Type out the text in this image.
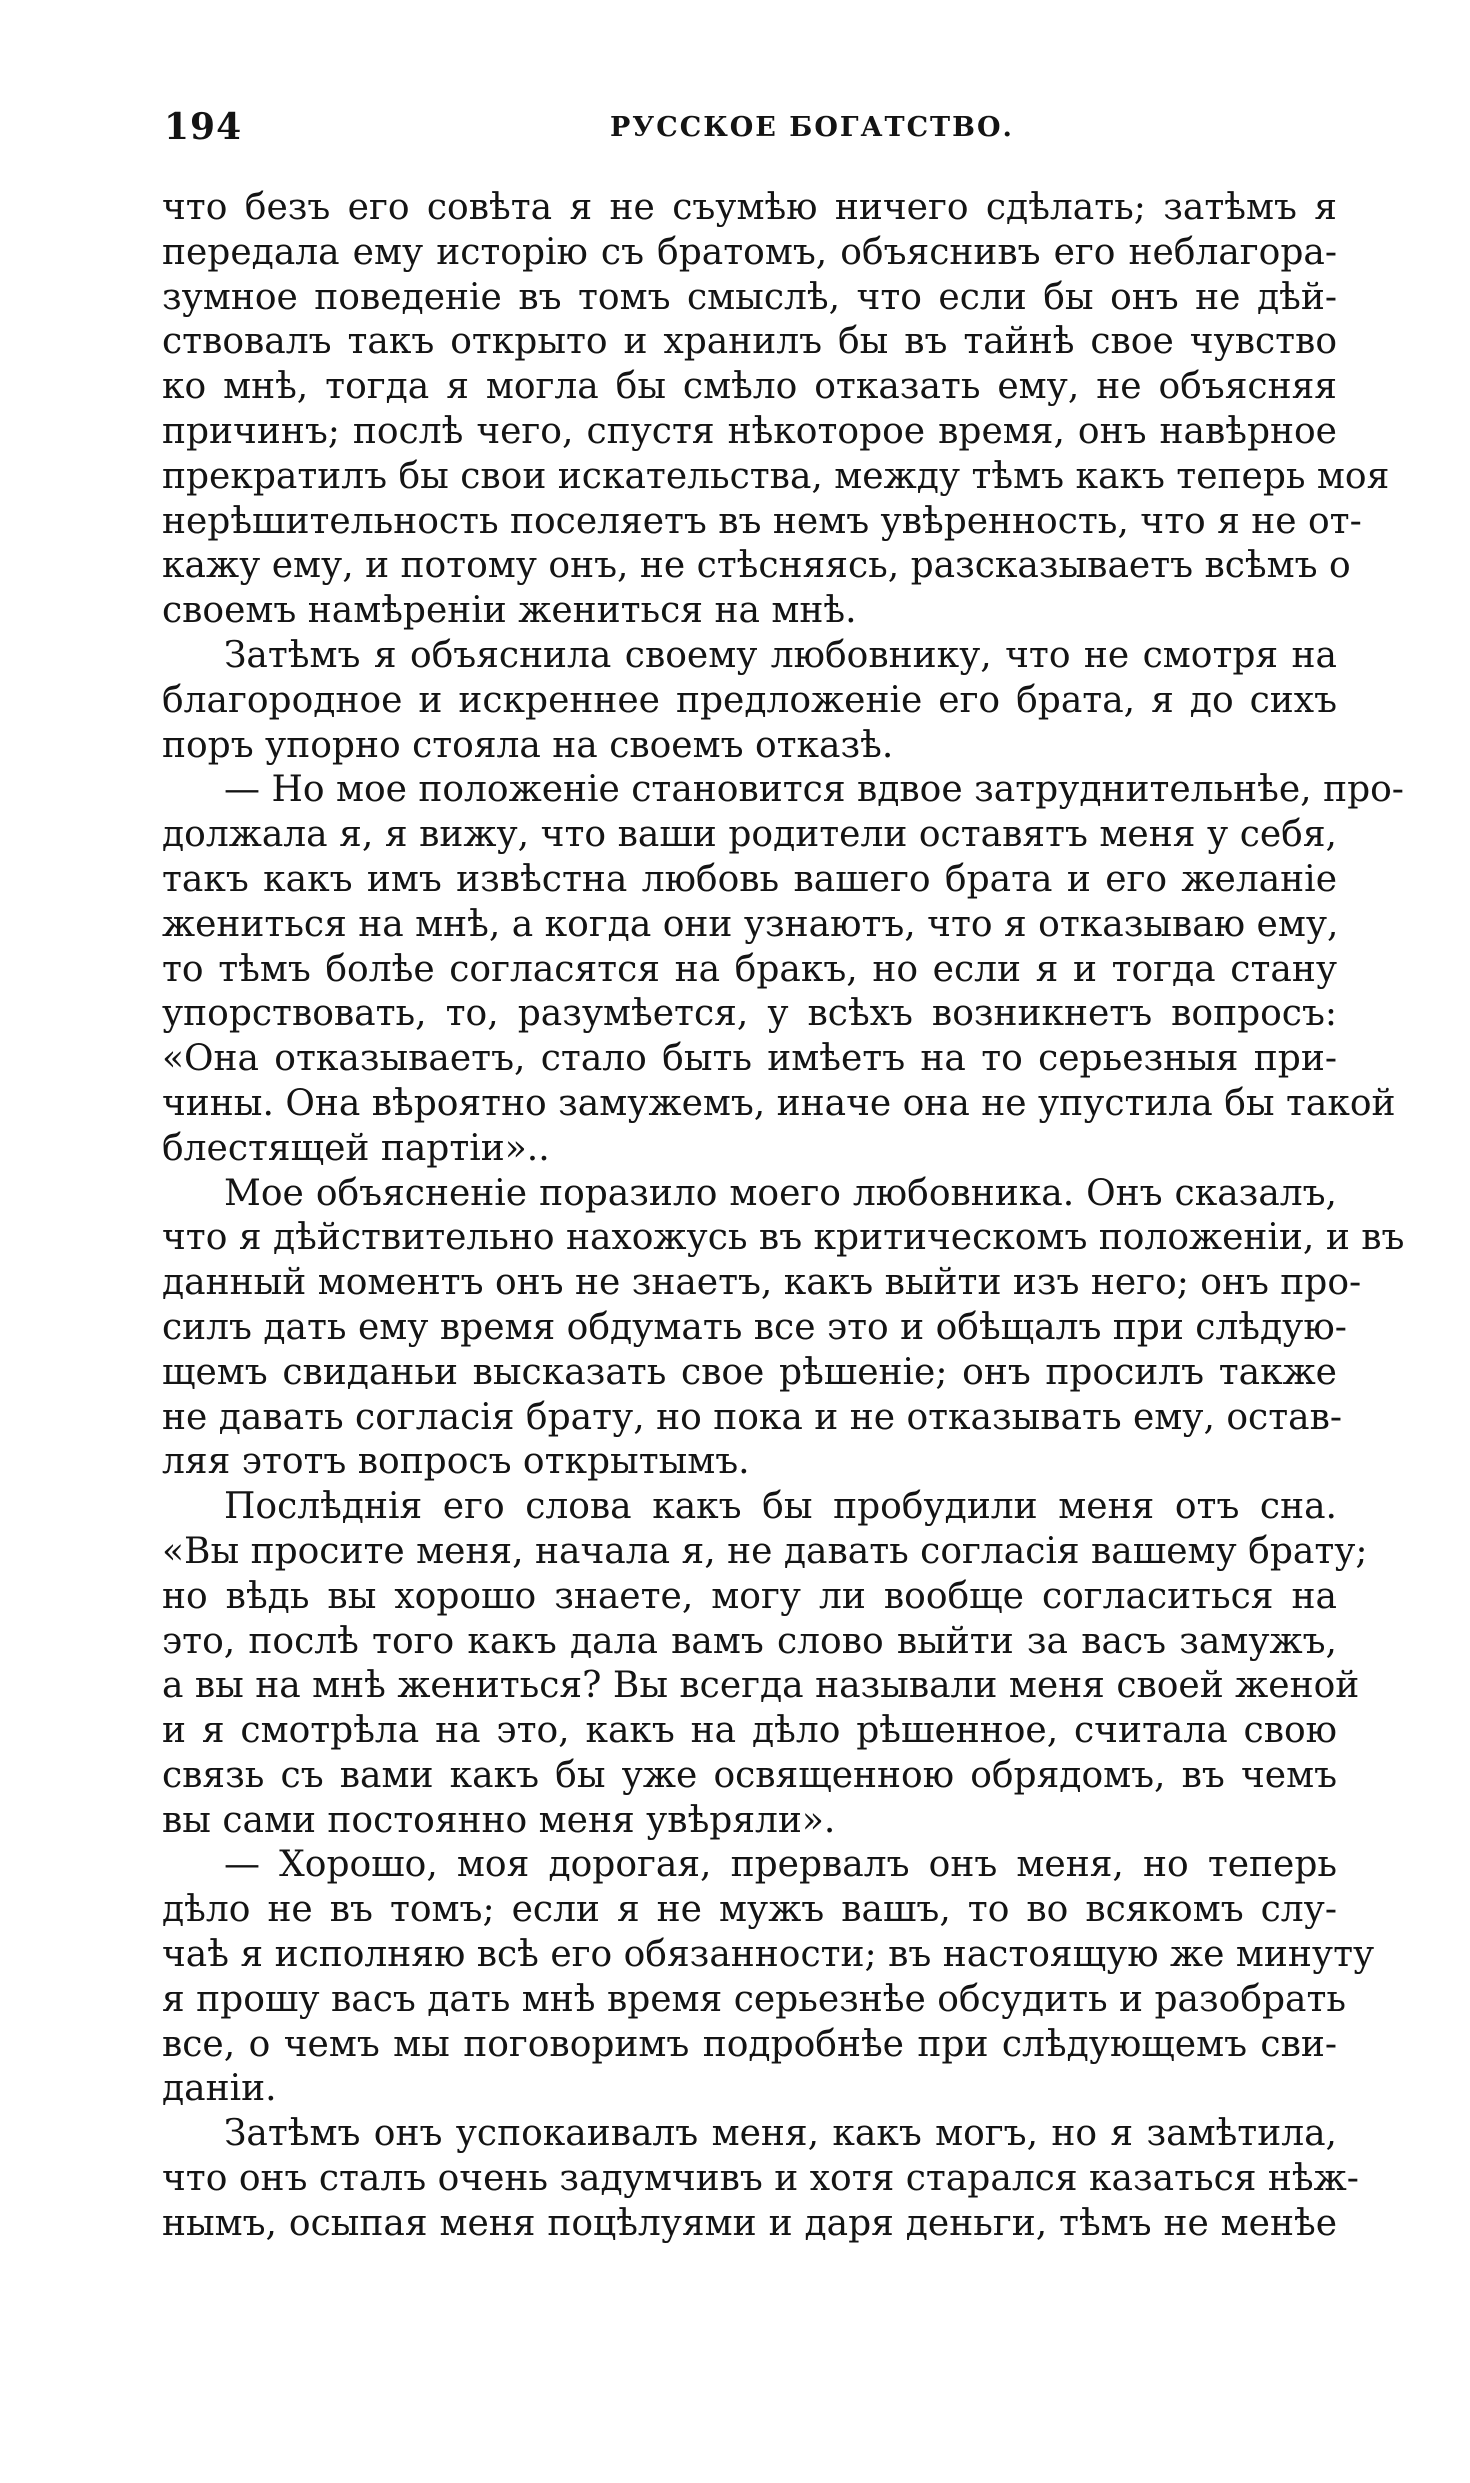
194	РУССКОЕ БОГАТСТВО.
что безъ его совѣта я не съумѣю ничего сдѣлать; затѣмъ я
передала ему исторію съ братомъ, объяснивъ его неблагора-
зумное поведеніе въ томъ смыслѣ, что если бы онъ не дѣй-
ствовалъ такъ открыто и хранилъ бы въ тайнѣ свое чувство
ко мнѣ, тогда я могла бы смѣло отказать ему, не объясняя
причинъ; послѣ чего, спустя нѣкоторое время, онъ навѣрное
прекратилъ бы свои искательства, между тѣмъ какъ теперь моя
нерѣшительность поселяетъ въ немъ увѣренность, что я не от-
кажу ему, и потому онъ, не стѣсняясь, разсказываетъ всѣмъ о
своемъ намѣреніи жениться на мнѣ.
Затѣмъ я объяснила своему любовнику, что не смотря на
благородное и искреннее предложеніе его брата, я до сихъ
поръ упорно стояла на своемъ отказѣ.
— Но мое положеніе становится вдвое затруднительнѣе, про-
должала я, я вижу, что ваши родители оставятъ меня у себя,
такъ какъ имъ извѣстна любовь вашего брата и его желаніе
жениться на мнѣ, а когда они узнаютъ, что я отказываю ему,
то тѣмъ болѣе согласятся на бракъ, но если я и тогда стану
упорствовать, то, разумѣется, у всѣхъ возникнетъ вопросъ:
«Она отказываетъ, стало быть имѣетъ на то серьезныя при-
чины. Она вѣроятно замужемъ, иначе она не упустила бы такой
блестящей партіи»..
Мое объясненіе поразило моего любовника. Онъ сказалъ,
что я дѣйствительно нахожусь въ критическомъ положеніи, и въ
данный моментъ онъ не знаетъ, какъ выйти изъ него; онъ про-
силъ дать ему время обдумать все это и обѣщалъ при слѣдую-
щемъ свиданьи высказать свое рѣшеніе; онъ просилъ также
не давать согласія брату, но пока и не отказывать ему, остав-
ляя этотъ вопросъ открытымъ.
Послѣднія его слова какъ бы пробудили меня отъ сна.
«Вы просите меня, начала я, не давать согласія вашему брату;
но вѣдь вы хорошо знаете, могу ли вообще согласиться на
это, послѣ того какъ дала вамъ слово выйти за васъ замужъ,
а вы на мнѣ жениться? Вы всегда называли меня своей женой
и я смотрѣла на это, какъ на дѣло рѣшенное, считала свою
связь съ вами какъ бы уже освященною обрядомъ, въ чемъ
вы сами постоянно меня увѣряли».
— Хорошо, моя дорогая, прервалъ онъ меня, но теперь
дѣло не въ томъ; если я не мужъ вашъ, то во всякомъ слу-
чаѣ я исполняю всѣ его обязанности; въ настоящую же минуту
я прошу васъ дать мнѣ время серьезнѣе обсудить и разобрать
все, о чемъ мы поговоримъ подробнѣе при слѣдующемъ сви-
даніи.
Затѣмъ онъ успокаивалъ меня, какъ могъ, но я замѣтила,
что онъ сталъ очень задумчивъ и хотя старался казаться нѣж-
нымъ, осыпая меня поцѣлуями и даря деньги, тѣмъ не менѣе
